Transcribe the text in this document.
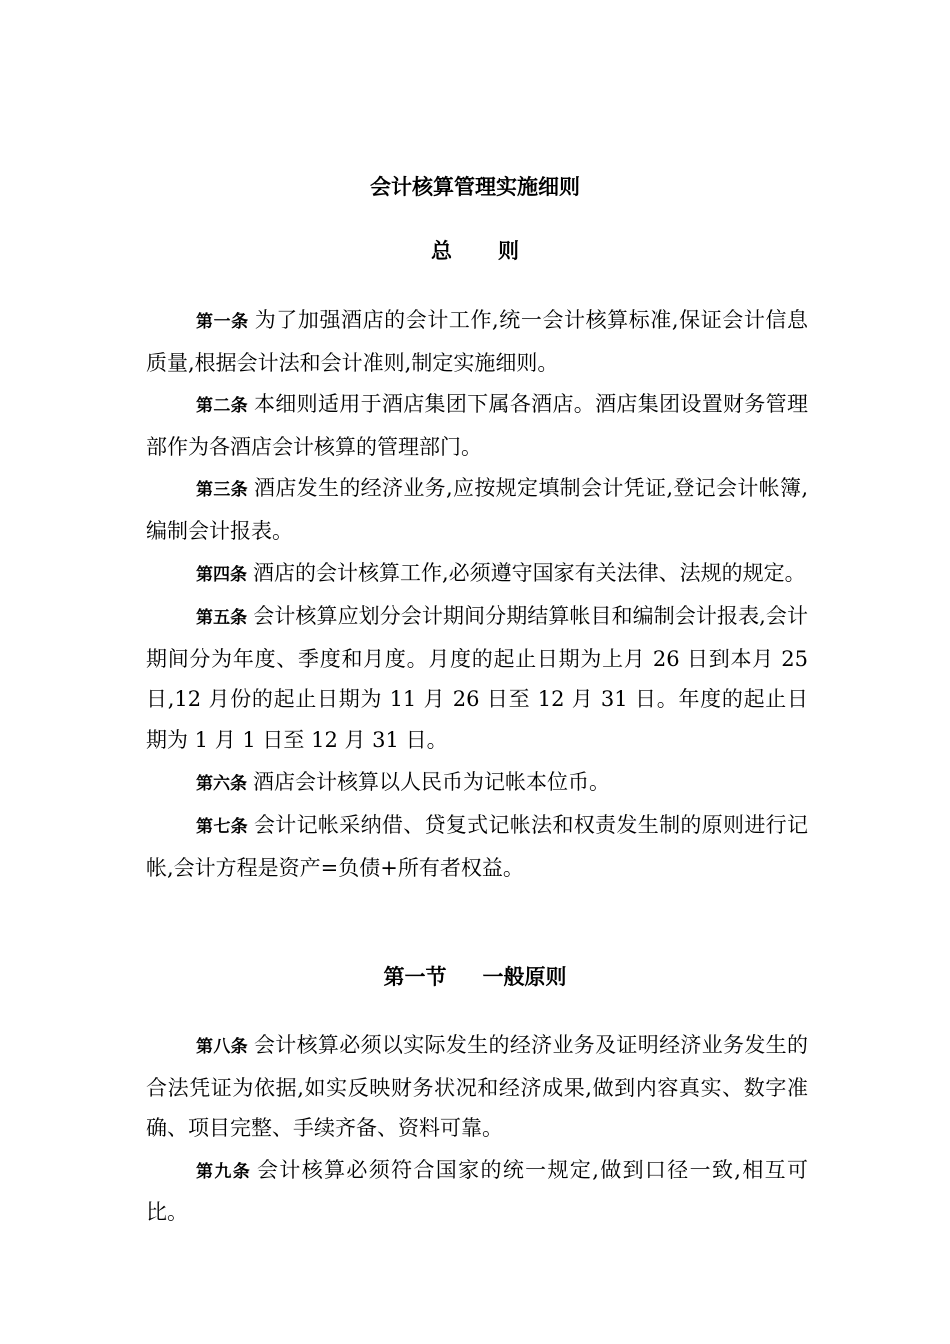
会计核算管理实施细则
总 则

第一条 为了加强酒店的会计工作,统一会计核算标准,保证会计信息质量,根据会计法和会计准则,制定实施细则。

第二条 本细则适用于酒店集团下属各酒店。酒店集团设置财务管理部作为各酒店会计核算的管理部门。

第三条 酒店发生的经济业务,应按规定填制会计凭证,登记会计帐簿,编制会计报表。

第四条 酒店的会计核算工作,必须遵守国家有关法律、法规的规定。

第五条 会计核算应划分会计期间分期结算帐目和编制会计报表,会计期间分为年度、季度和月度。月度的起止日期为上月 26 日到本月 25 日,12 月份的起止日期为 11 月 26 日至 12 月 31 日。年度的起止日期为 1 月 1 日至 12 月 31 日。

第六条 酒店会计核算以人民币为记帐本位币。

第七条 会计记帐采纳借、贷复式记帐法和权责发生制的原则进行记帐,会计方程是资产=负债+所有者权益。

第一节 一般原则

第八条 会计核算必须以实际发生的经济业务及证明经济业务发生的合法凭证为依据,如实反映财务状况和经济成果,做到内容真实、数字准确、项目完整、手续齐备、资料可靠。

第九条 会计核算必须符合国家的统一规定,做到口径一致,相互可比。
